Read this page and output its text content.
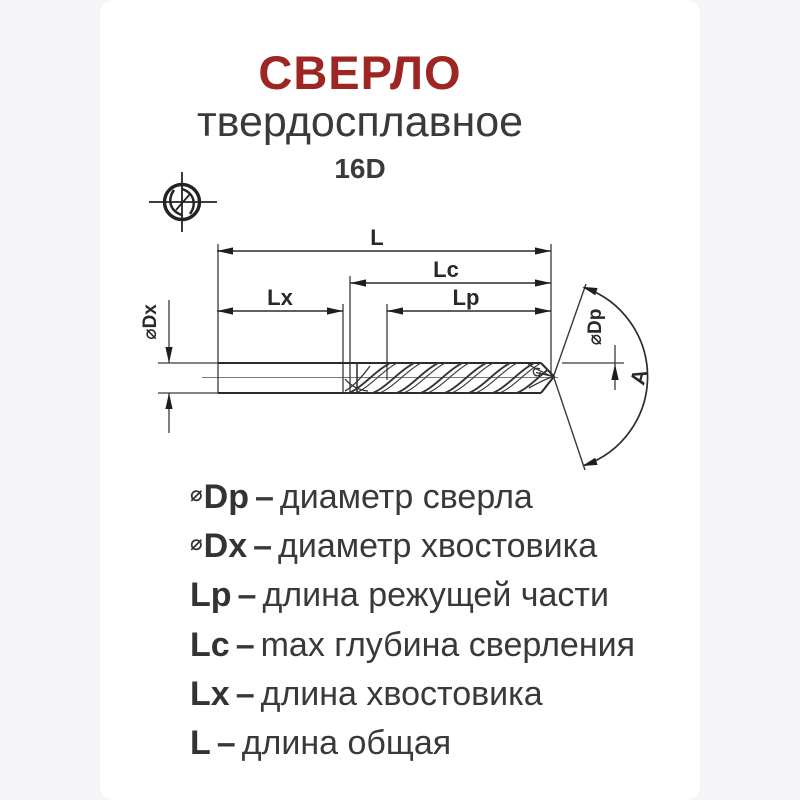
СВЕРЛО
твердосплавное
16D
L
Lc
Lx	Lp
⌀Dx	⌀Dp
A
⌀Dp – диаметр сверла
⌀Dx – диаметр хвостовика
Lp – длина режущей части
Lc – max глубина сверления
Lx – длина хвостовика
L – длина общая
